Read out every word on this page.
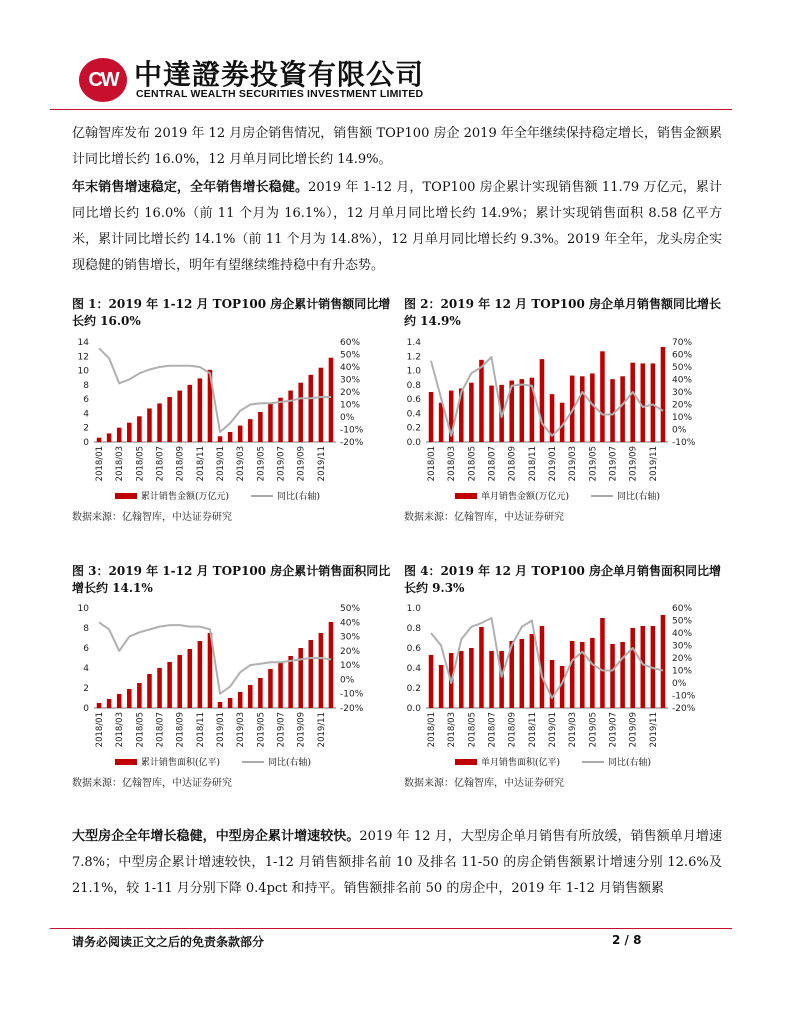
CW 中達證劵投資有限公司
CENTRAL WEALTH SECURITIES INVESTMENT LIMITED
亿翰智库发布 2019 年 12 月房企销售情况，销售额 TOP100 房企 2019 年全年继续保持稳定增长，销售金额累计同比增长约 16.0%，12 月单月同比增长约 14.9%。
年末销售增速稳定，全年销售增长稳健。2019 年 1-12 月，TOP100 房企累计实现销售额 11.79 万亿元，累计同比增长约 16.0%（前 11 个月为 16.1%），12 月单月同比增长约 14.9%；累计实现销售面积 8.58 亿平方米，累计同比增长约 14.1%（前 11 个月为 14.8%），12 月单月同比增长约 9.3%。2019 年全年，龙头房企实现稳健的销售增长，明年有望继续维持稳中有升态势。
图 1：2019 年 1-12 月 TOP100 房企累计销售额同比增长约 16.0%
0
2
4
6
8
10
12
14
-20%
-10%
0%
10%
20%
30%
40%
50%
60%
2018/01 2018/03 2018/05 2018/07 2018/09 2018/11 2019/01 2019/03 2019/05 2019/07 2019/09 2019/11
累计销售金额(万亿元)	同比(右轴)
数据来源：亿翰智库，中达证券研究
图 2：2019 年 12 月 TOP100 房企单月销售额同比增长约 14.9%
0.0
0.2
0.4
0.6
0.8
1.0
1.2
1.4
-10%
0%
10%
20%
30%
40%
50%
60%
70%
2018/01 2018/03 2018/05 2018/07 2018/09 2018/11 2019/01 2019/03 2019/05 2019/07 2019/09 2019/11
单月销售金额(万亿元)	同比(右轴)
数据来源：亿翰智库，中达证券研究
图 3：2019 年 1-12 月 TOP100 房企累计销售面积同比增长约 14.1%
0
2
4
6
8
10
-20%
-10%
0%
10%
20%
30%
40%
50%
2018/01 2018/03 2018/05 2018/07 2018/09 2018/11 2019/01 2019/03 2019/05 2019/07 2019/09 2019/11
累计销售面积(亿平)	同比(右轴)
数据来源：亿翰智库，中达证券研究
图 4：2019 年 12 月 TOP100 房企单月销售面积同比增长约 9.3%
0.0
0.2
0.4
0.6
0.8
1.0
-20%
-10%
0%
10%
20%
30%
40%
50%
60%
2018/01 2018/03 2018/05 2018/07 2018/09 2018/11 2019/01 2019/03 2019/05 2019/07 2019/09 2019/11
单月销售面积(亿平)	同比(右轴)
数据来源：亿翰智库，中达证券研究
大型房企全年增长稳健，中型房企累计增速较快。2019 年 12 月，大型房企单月销售有所放缓，销售额单月增速 7.8%；中型房企累计增速较快，1-12 月销售额排名前 10 及排名 11-50 的房企销售额累计增速分别 12.6%及 21.1%，较 1-11 月分别下降 0.4pct 和持平。销售额排名前 50 的房企中，2019 年 1-12 月销售额累
请务必阅读正文之后的免责条款部分	2 / 8
